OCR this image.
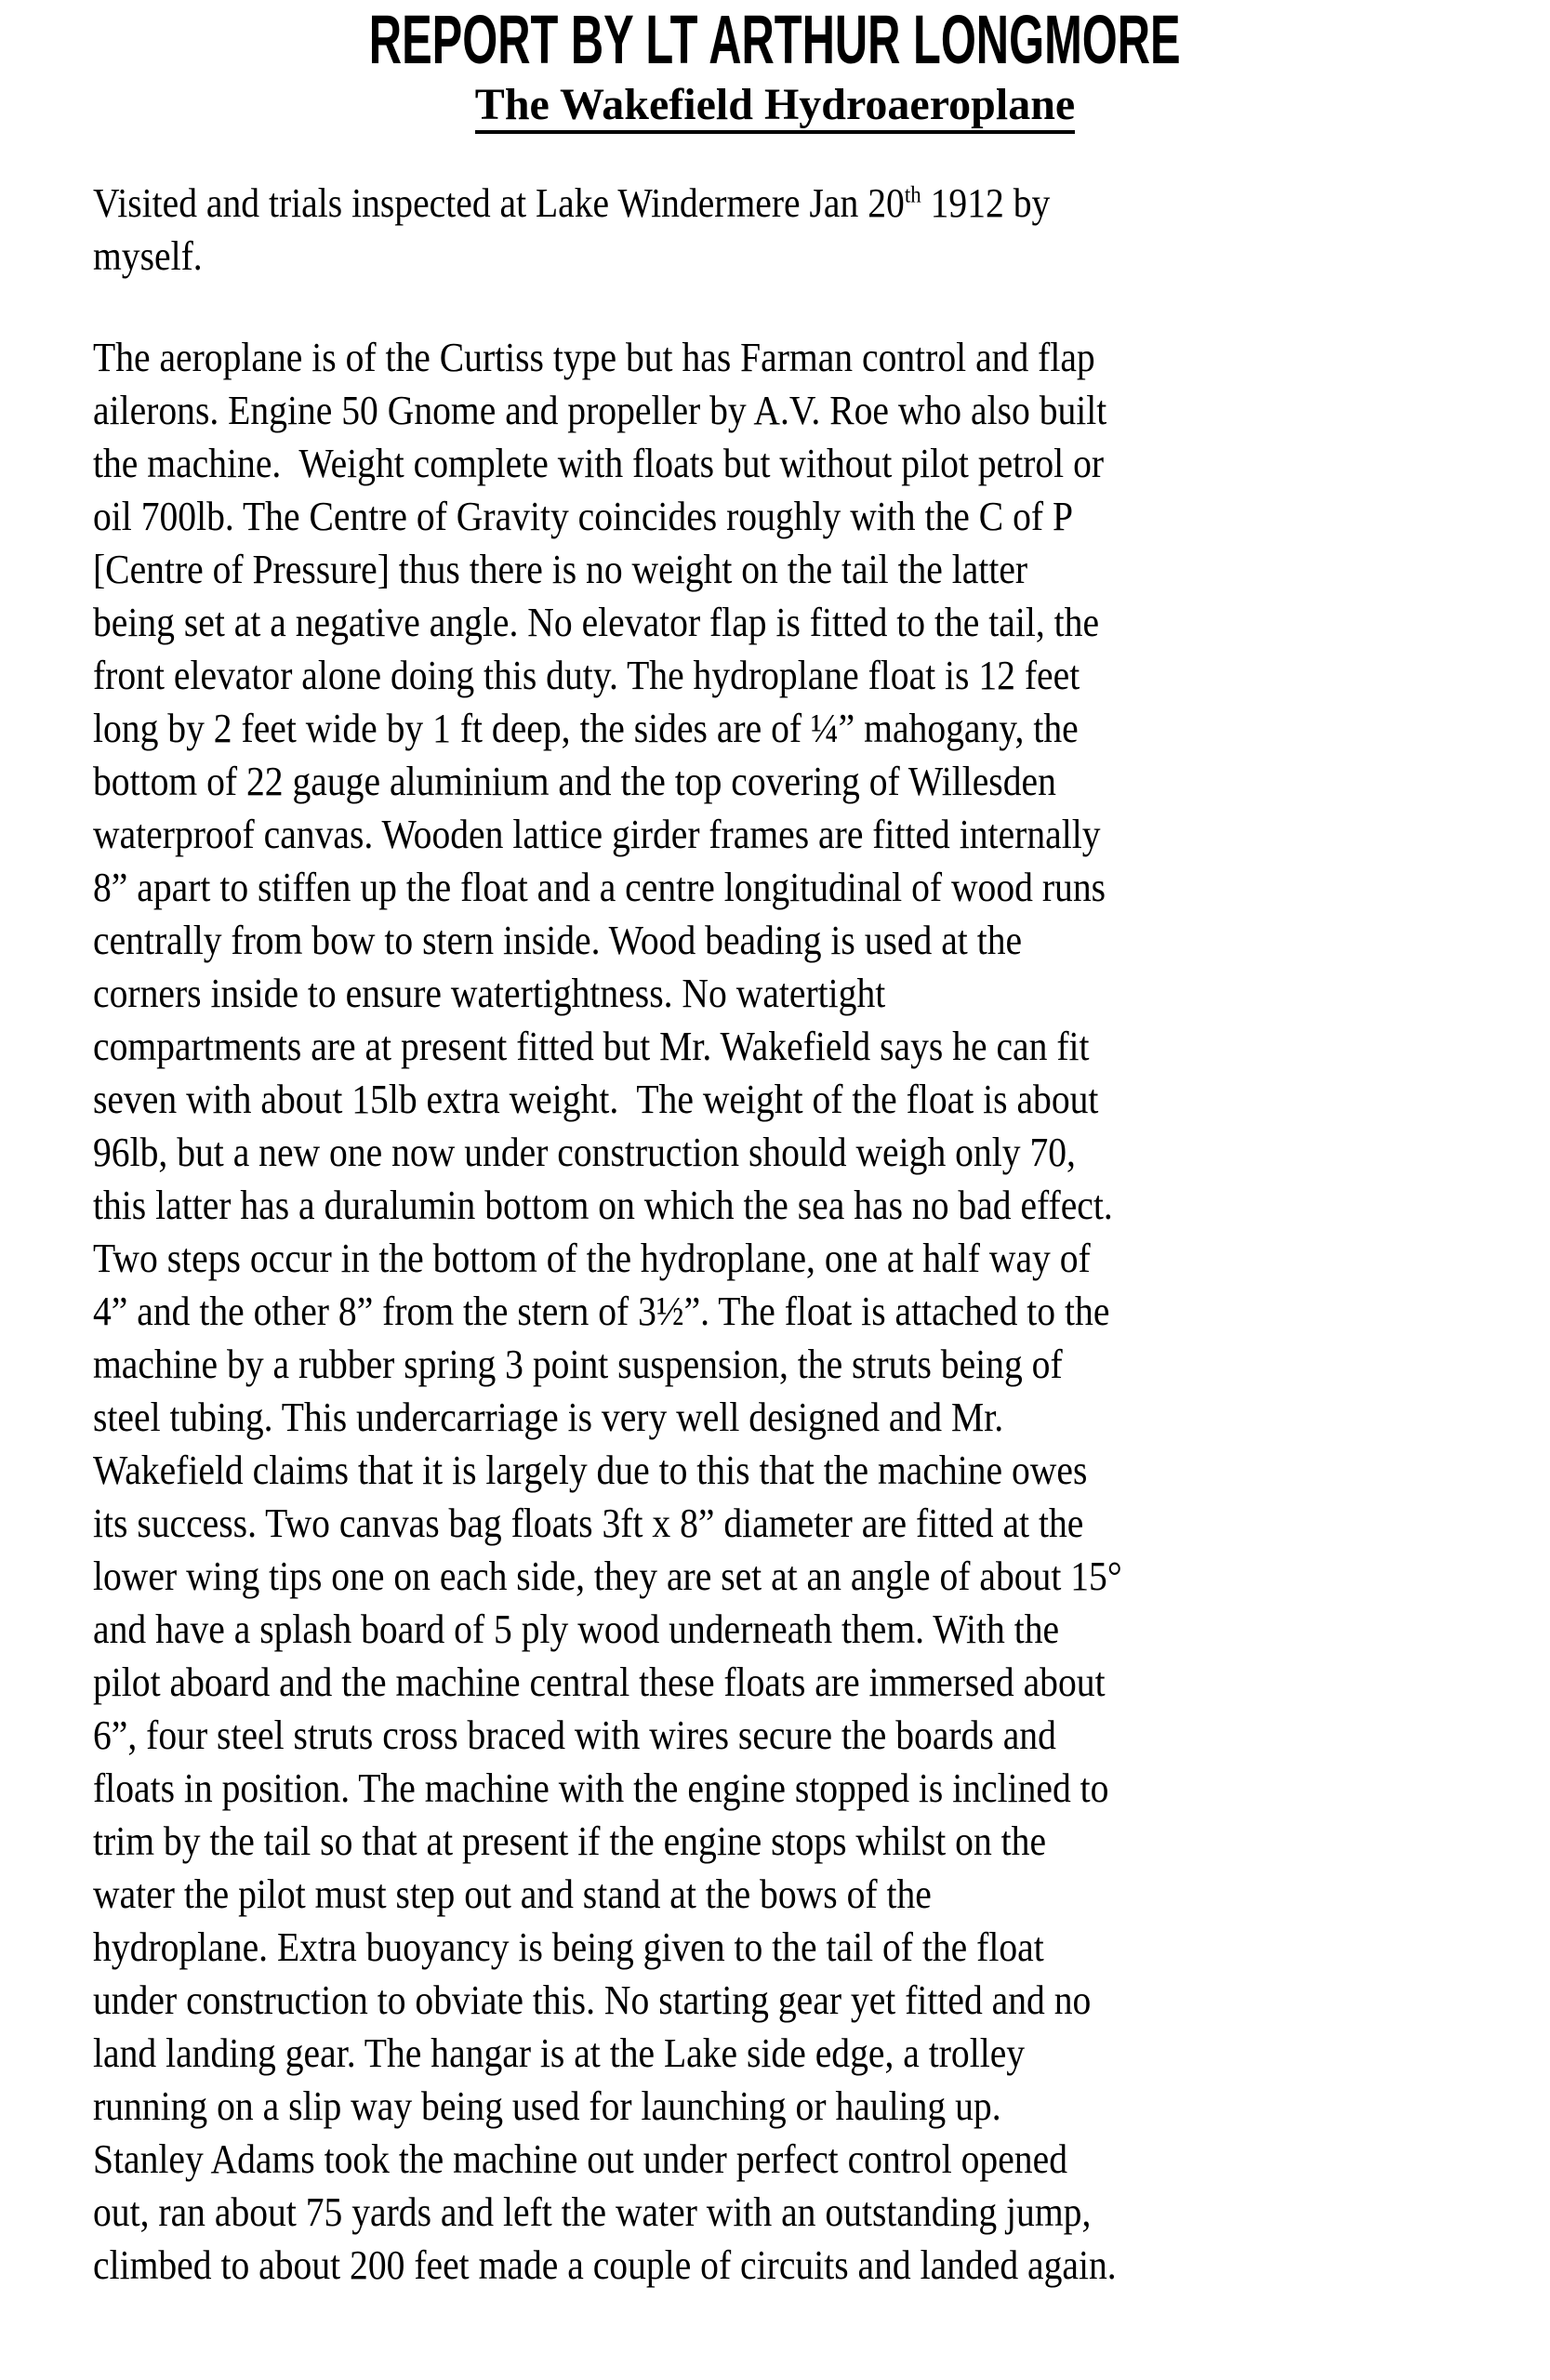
REPORT BY LT ARTHUR LONGMORE
The Wakefield Hydroaeroplane
Visited and trials inspected at Lake Windermere Jan 20th 1912 by
myself.
The aeroplane is of the Curtiss type but has Farman control and flap
ailerons. Engine 50 Gnome and propeller by A.V. Roe who also built
the machine.  Weight complete with floats but without pilot petrol or
oil 700lb. The Centre of Gravity coincides roughly with the C of P
[Centre of Pressure] thus there is no weight on the tail the latter
being set at a negative angle. No elevator flap is fitted to the tail, the
front elevator alone doing this duty. The hydroplane float is 12 feet
long by 2 feet wide by 1 ft deep, the sides are of ¼” mahogany, the
bottom of 22 gauge aluminium and the top covering of Willesden
waterproof canvas. Wooden lattice girder frames are fitted internally
8” apart to stiffen up the float and a centre longitudinal of wood runs
centrally from bow to stern inside. Wood beading is used at the
corners inside to ensure watertightness. No watertight
compartments are at present fitted but Mr. Wakefield says he can fit
seven with about 15lb extra weight.  The weight of the float is about
96lb, but a new one now under construction should weigh only 70,
this latter has a duralumin bottom on which the sea has no bad effect.
Two steps occur in the bottom of the hydroplane, one at half way of
4” and the other 8” from the stern of 3½”. The float is attached to the
machine by a rubber spring 3 point suspension, the struts being of
steel tubing. This undercarriage is very well designed and Mr.
Wakefield claims that it is largely due to this that the machine owes
its success. Two canvas bag floats 3ft x 8” diameter are fitted at the
lower wing tips one on each side, they are set at an angle of about 15°
and have a splash board of 5 ply wood underneath them. With the
pilot aboard and the machine central these floats are immersed about
6”, four steel struts cross braced with wires secure the boards and
floats in position. The machine with the engine stopped is inclined to
trim by the tail so that at present if the engine stops whilst on the
water the pilot must step out and stand at the bows of the
hydroplane. Extra buoyancy is being given to the tail of the float
under construction to obviate this. No starting gear yet fitted and no
land landing gear. The hangar is at the Lake side edge, a trolley
running on a slip way being used for launching or hauling up.
Stanley Adams took the machine out under perfect control opened
out, ran about 75 yards and left the water with an outstanding jump,
climbed to about 200 feet made a couple of circuits and landed again.
